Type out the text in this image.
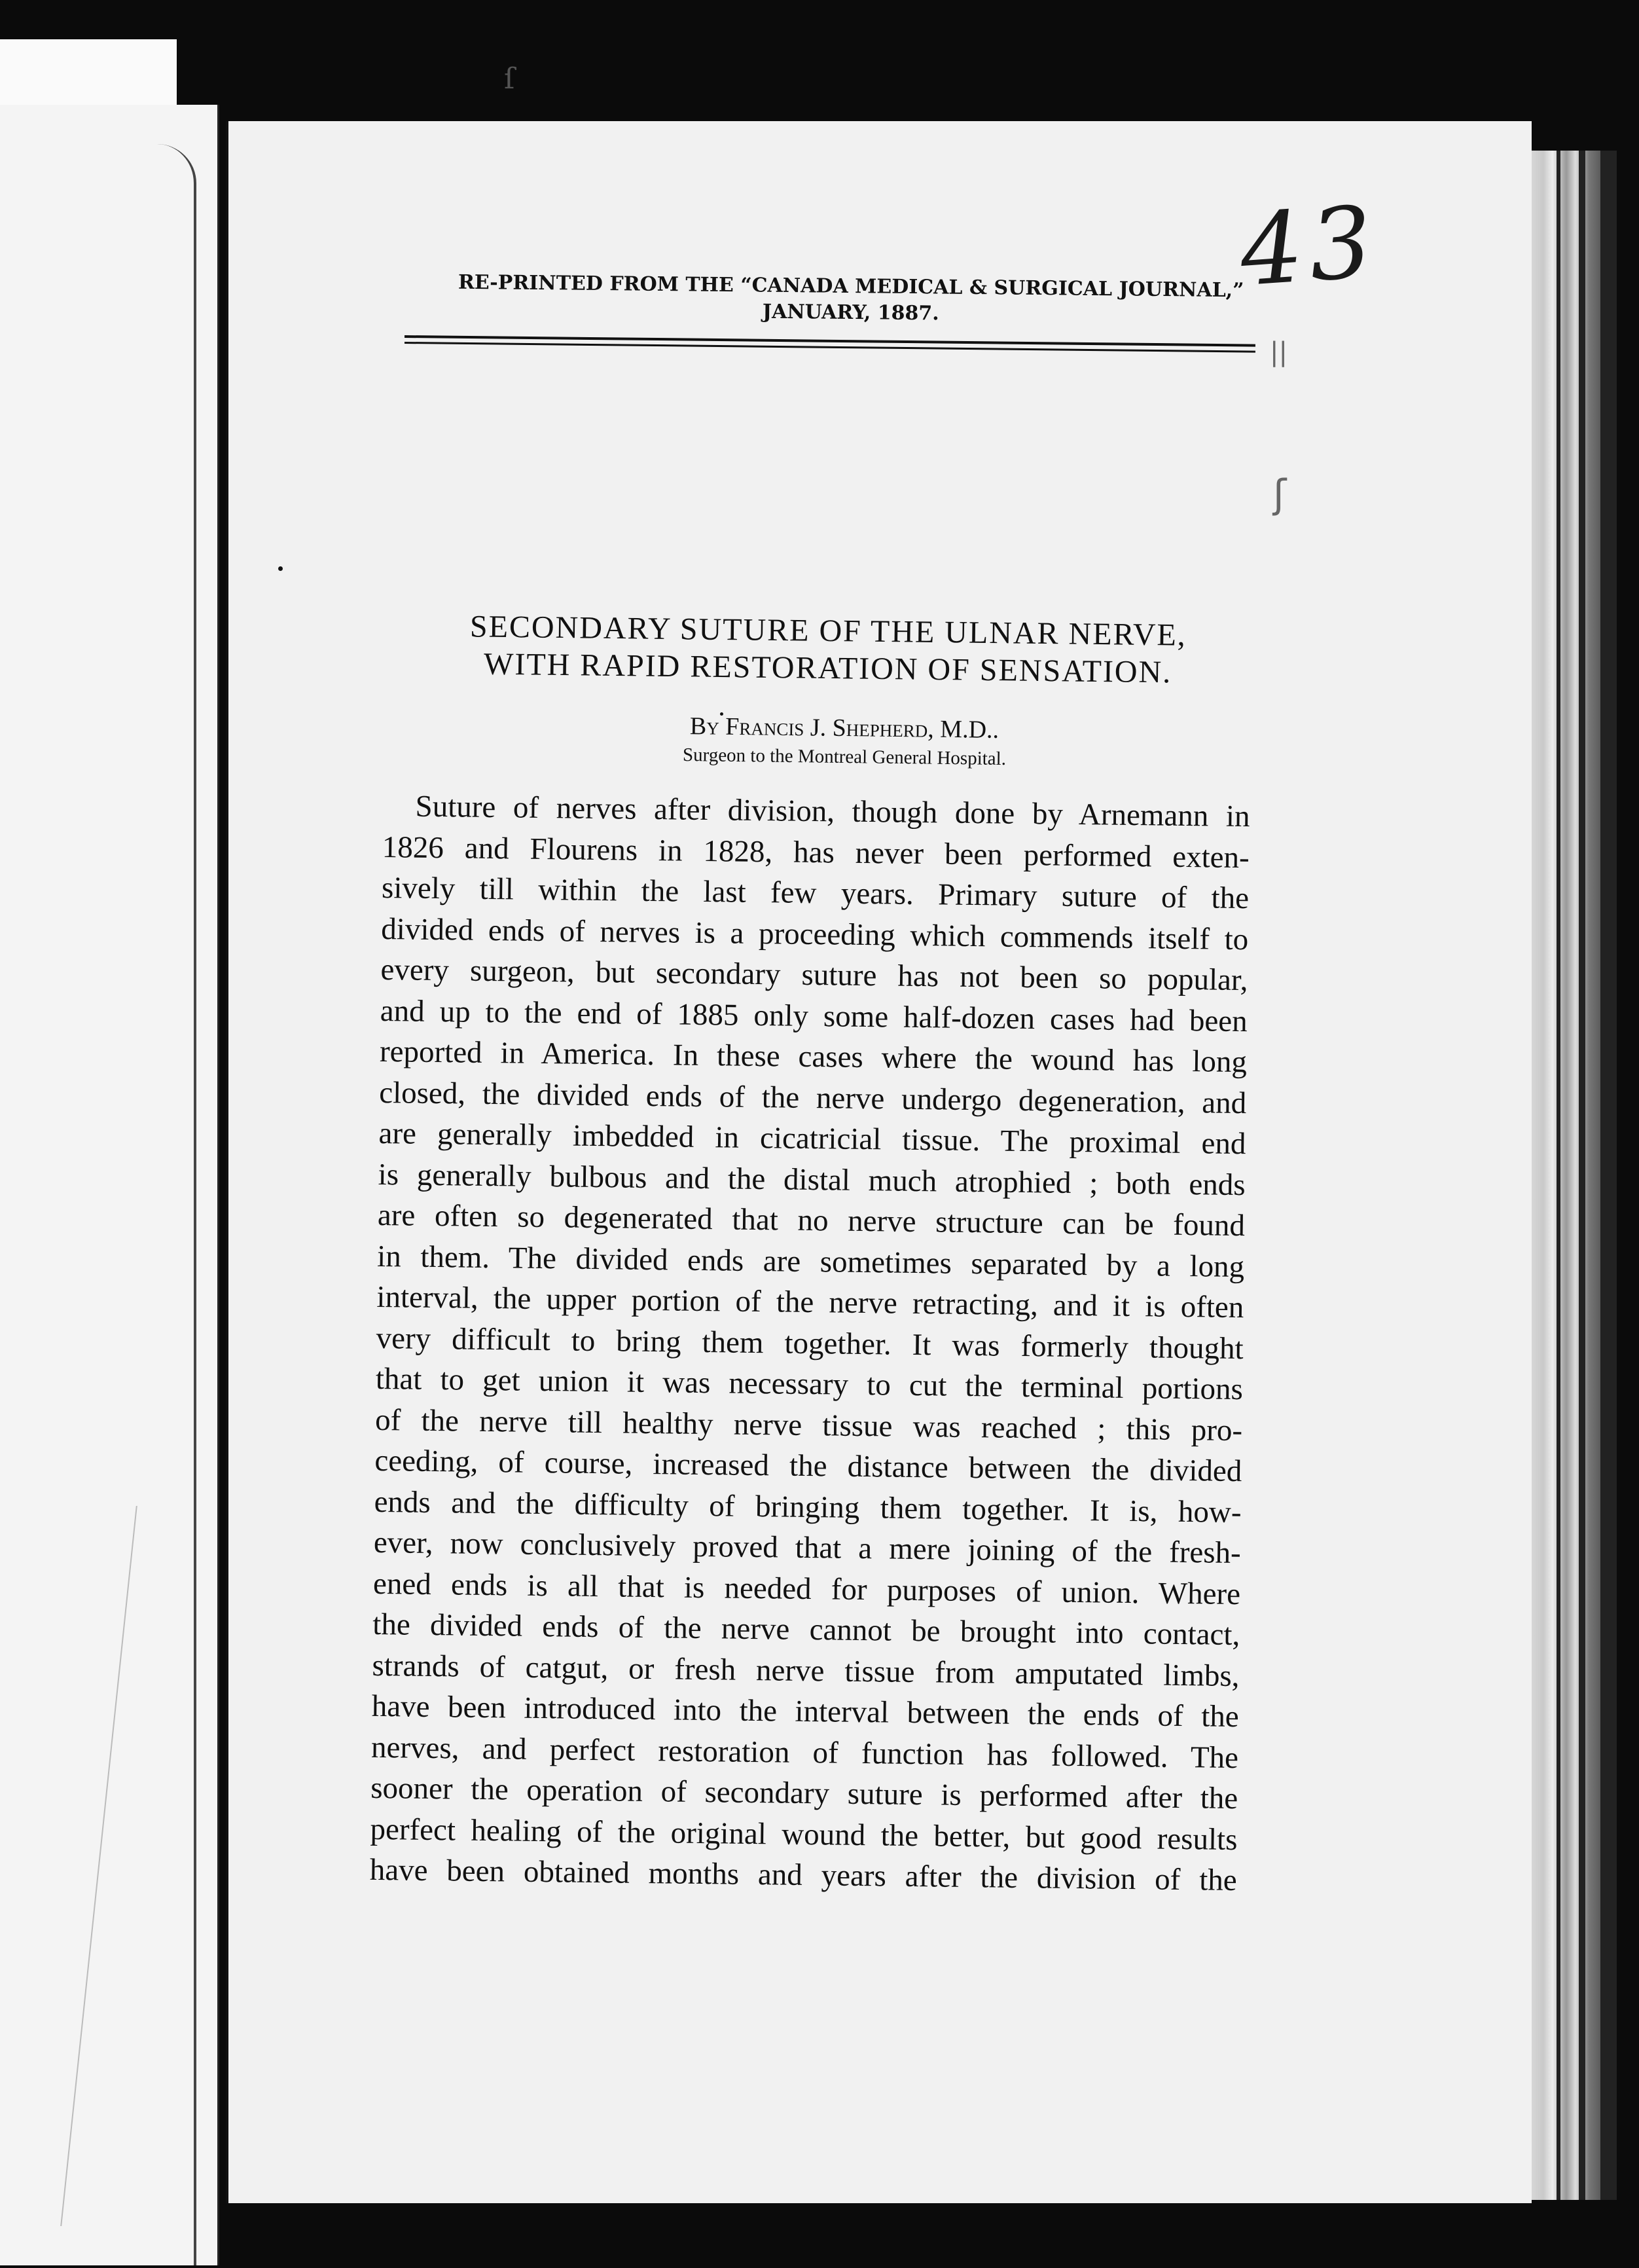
ſ
43
RE-PRINTED FROM THE “CANADA MEDICAL & SURGICAL JOURNAL,”
JANUARY, 1887.
||
ʃ
SECONDARY SUTURE OF THE ULNAR NERVE,
WITH RAPID RESTORATION OF SENSATION.
By Francis J. Shepherd, M.D..
Surgeon to the Montreal General Hospital.
Suture of nerves after division, though done by Arnemann in
1826 and Flourens in 1828, has never been performed exten-
sively till within the last few years. Primary suture of the
divided ends of nerves is a proceeding which commends itself to
every surgeon, but secondary suture has not been so popular,
and up to the end of 1885 only some half-dozen cases had been
reported in America. In these cases where the wound has long
closed, the divided ends of the nerve undergo degeneration, and
are generally imbedded in cicatricial tissue. The proximal end
is generally bulbous and the distal much atrophied ; both ends
are often so degenerated that no nerve structure can be found
in them. The divided ends are sometimes separated by a long
interval, the upper portion of the nerve retracting, and it is often
very difficult to bring them together. It was formerly thought
that to get union it was necessary to cut the terminal portions
of the nerve till healthy nerve tissue was reached ; this pro-
ceeding, of course, increased the distance between the divided
ends and the difficulty of bringing them together. It is, how-
ever, now conclusively proved that a mere joining of the fresh-
ened ends is all that is needed for purposes of union. Where
the divided ends of the nerve cannot be brought into contact,
strands of catgut, or fresh nerve tissue from amputated limbs,
have been introduced into the interval between the ends of the
nerves, and perfect restoration of function has followed. The
sooner the operation of secondary suture is performed after the
perfect healing of the original wound the better, but good results
have been obtained months and years after the division of the
